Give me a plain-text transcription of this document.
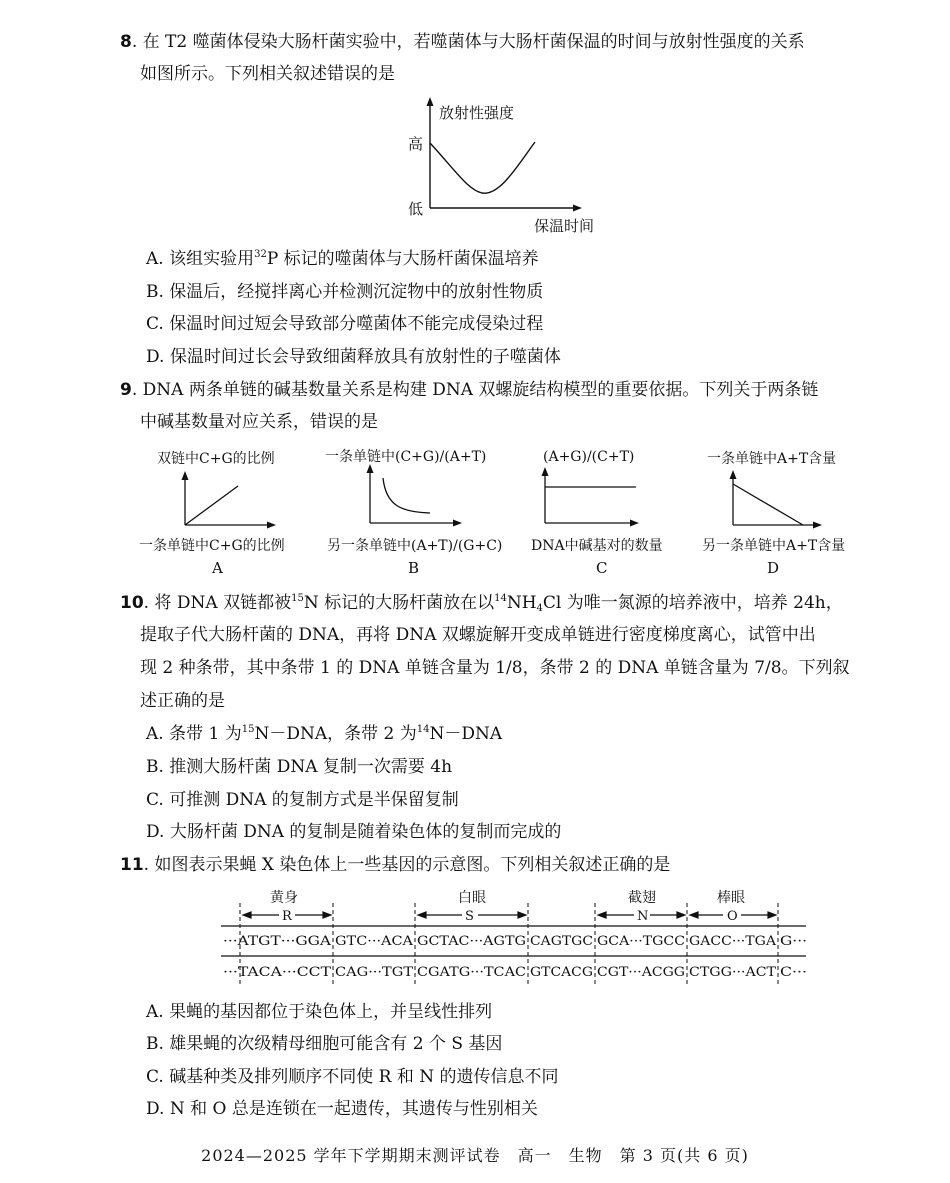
8. 在 T2 噬菌体侵染大肠杆菌实验中，若噬菌体与大肠杆菌保温的时间与放射性强度的关系
如图所示。下列相关叙述错误的是
放射性强度
高
低
保温时间
A. 该组实验用$^{32}$P 标记的噬菌体与大肠杆菌保温培养
B. 保温后，经搅拌离心并检测沉淀物中的放射性物质
C. 保温时间过短会导致部分噬菌体不能完成侵染过程
D. 保温时间过长会导致细菌释放具有放射性的子噬菌体
9. DNA 两条单链的碱基数量关系是构建 DNA 双螺旋结构模型的重要依据。下列关于两条链
中碱基数量对应关系，错误的是
双链中C+G的比例
一条单链中C+G的比例
A
一条单链中(C+G)/(A+T)
另一条单链中(A+T)/(G+C)
B
(A+G)/(C+T)
DNA中碱基对的数量
C
一条单链中A+T含量
另一条单链中A+T含量
D
10. 将 DNA 双链都被$^{15}$N 标记的大肠杆菌放在以$^{14}NH_4Cl$ 为唯一氮源的培养液中，培养 24h，
提取子代大肠杆菌的 DNA，再将 DNA 双螺旋解开变成单链进行密度梯度离心，试管中出
现 2 种条带，其中条带 1 的 DNA 单链含量为 1/8，条带 2 的 DNA 单链含量为 7/8。下列叙
述正确的是
A. 条带 1 为$^{15}$N－DNA，条带 2 为$^{14}$N－DNA
B. 推测大肠杆菌 DNA 复制一次需要 4h
C. 可推测 DNA 的复制方式是半保留复制
D. 大肠杆菌 DNA 的复制是随着染色体的复制而完成的
11. 如图表示果蝇 X 染色体上一些基因的示意图。下列相关叙述正确的是
黄身	白眼	截翅	棒眼
R	S	N	O
···ATGT···GGA GTC···ACA GCTAC···AGTG CAGTGC GCA···TGCC GACC···TGA G···
···TACA···CCT CAG···TGT CGATG···TCAC GTCACG CGT···ACGG CTGG···ACT C···
A. 果蝇的基因都位于染色体上，并呈线性排列
B. 雄果蝇的次级精母细胞可能含有 2 个 S 基因
C. 碱基种类及排列顺序不同使 R 和 N 的遗传信息不同
D. N 和 O 总是连锁在一起遗传，其遗传与性别相关
2024—2025 学年下学期期末测评试卷　高一　生物　第 3 页(共 6 页)
